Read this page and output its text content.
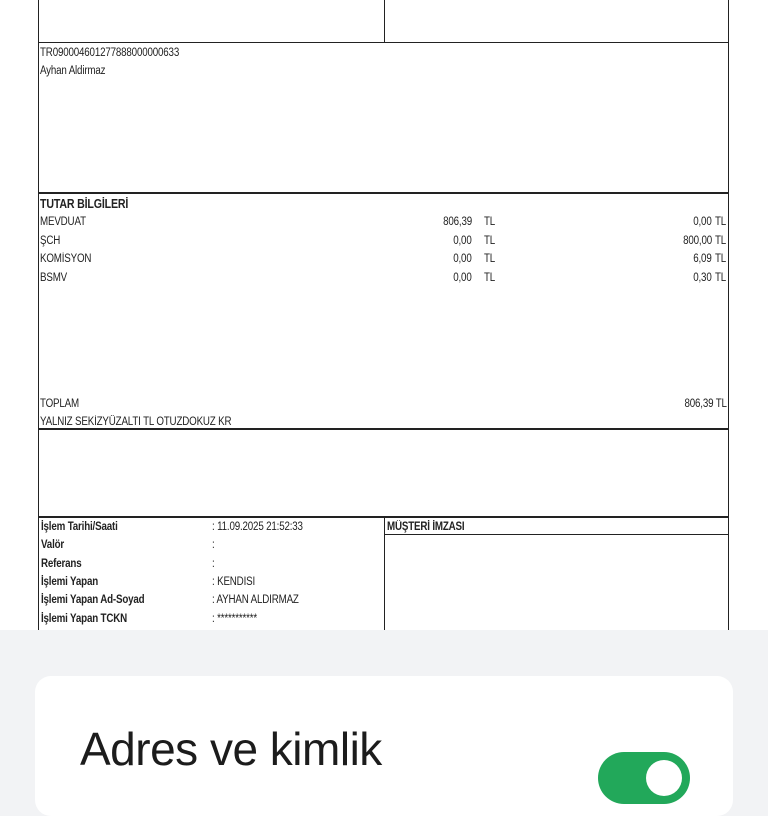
TR090004601277888000000633
Ayhan Aldirmaz
TUTAR BİLGİLERİ
MEVDUAT	806,39 TL	0,00 TL
ŞCH	0,00 TL	800,00 TL
KOMİSYON	0,00 TL	6,09 TL
BSMV	0,00 TL	0,30 TL
TOPLAM	806,39 TL
YALNIZ SEKİZYÜZALTI TL OTUZDOKUZ KR
İşlem Tarihi/Saati	: 11.09.2025 21:52:33
Valör	:
Referans	:
İşlemi Yapan	: KENDISI
İşlemi Yapan Ad-Soyad	: AYHAN ALDIRMAZ
İşlemi Yapan TCKN	: ***********
MÜŞTERİ İMZASI
Adres ve kimlik
